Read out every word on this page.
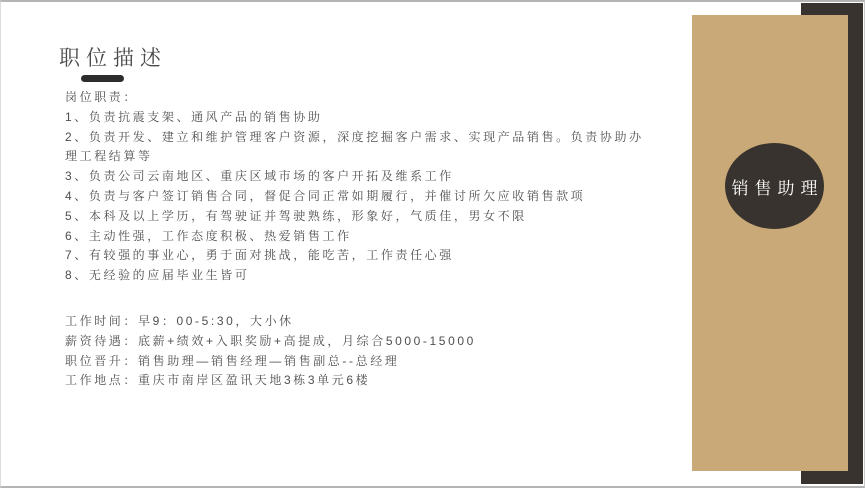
销售助理
职位描述
岗位职责：
1、负责抗震支架、通风产品的销售协助
2、负责开发、建立和维护管理客户资源，深度挖掘客户需求、实现产品销售。负责协助办
理工程结算等
3、负责公司云南地区、重庆区域市场的客户开拓及维系工作
4、负责与客户签订销售合同，督促合同正常如期履行，并催讨所欠应收销售款项
5、本科及以上学历，有驾驶证并驾驶熟练，形象好，气质佳，男女不限
6、主动性强，工作态度积极、热爱销售工作
7、有较强的事业心，勇于面对挑战，能吃苦，工作责任心强
8、无经验的应届毕业生皆可
工作时间：早9：00-5:30，大小休
薪资待遇：底薪+绩效+入职奖励+高提成，月综合5000-15000
职位晋升：销售助理—销售经理—销售副总--总经理
工作地点：重庆市南岸区盈讯天地3栋3单元6楼
